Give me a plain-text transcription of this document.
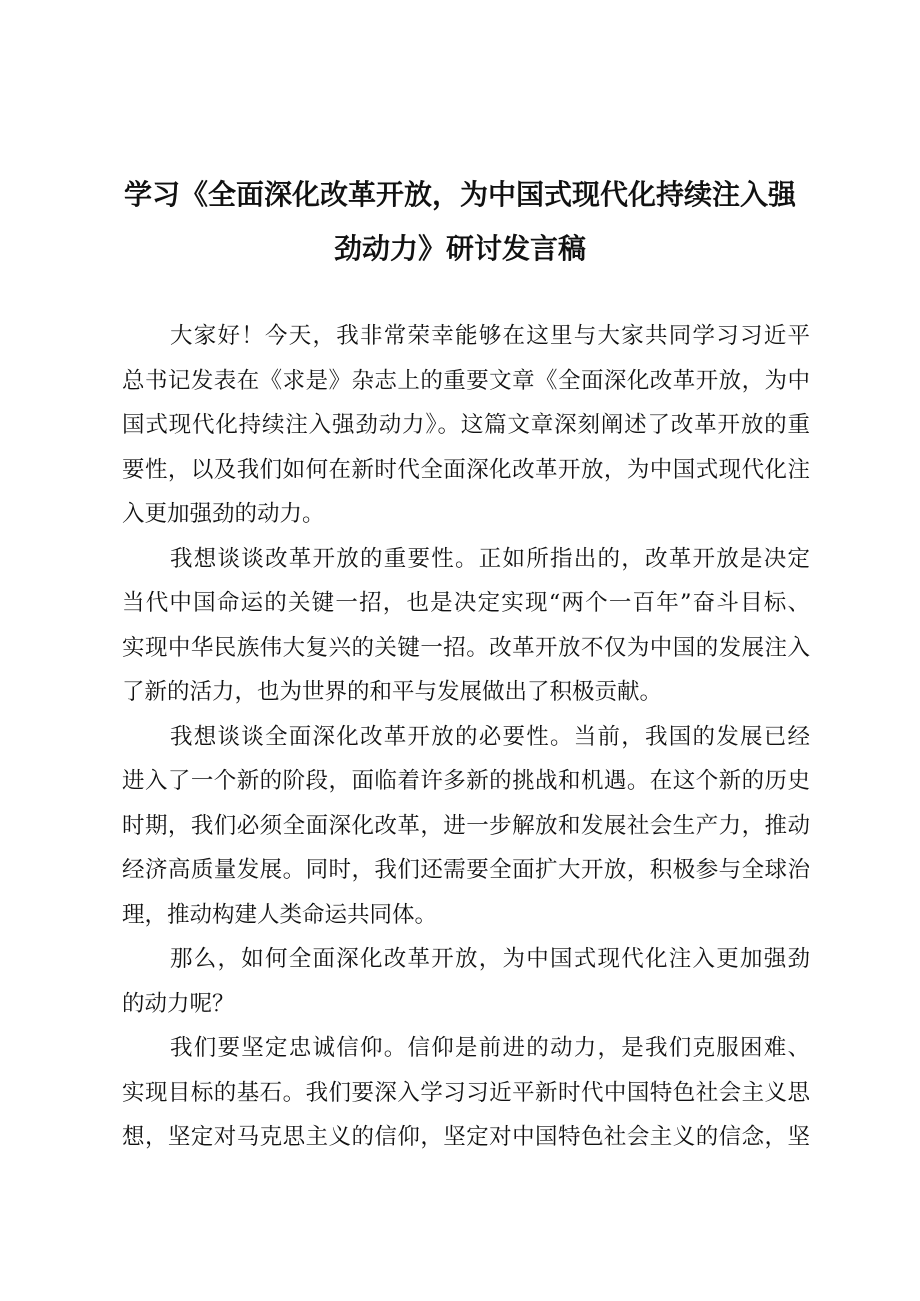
学习《全面深化改革开放，为中国式现代化持续注入强
劲动力》研讨发言稿
大家好！今天，我非常荣幸能够在这里与大家共同学习习近平
总书记发表在《求是》杂志上的重要文章《全面深化改革开放，为中
国式现代化持续注入强劲动力》。这篇文章深刻阐述了改革开放的重
要性，以及我们如何在新时代全面深化改革开放，为中国式现代化注
入更加强劲的动力。
我想谈谈改革开放的重要性。正如所指出的，改革开放是决定
当代中国命运的关键一招，也是决定实现“两个一百年”奋斗目标、
实现中华民族伟大复兴的关键一招。改革开放不仅为中国的发展注入
了新的活力，也为世界的和平与发展做出了积极贡献。
我想谈谈全面深化改革开放的必要性。当前，我国的发展已经
进入了一个新的阶段，面临着许多新的挑战和机遇。在这个新的历史
时期，我们必须全面深化改革，进一步解放和发展社会生产力，推动
经济高质量发展。同时，我们还需要全面扩大开放，积极参与全球治
理，推动构建人类命运共同体。
那么，如何全面深化改革开放，为中国式现代化注入更加强劲
的动力呢？
我们要坚定忠诚信仰。信仰是前进的动力，是我们克服困难、
实现目标的基石。我们要深入学习习近平新时代中国特色社会主义思
想，坚定对马克思主义的信仰，坚定对中国特色社会主义的信念，坚
